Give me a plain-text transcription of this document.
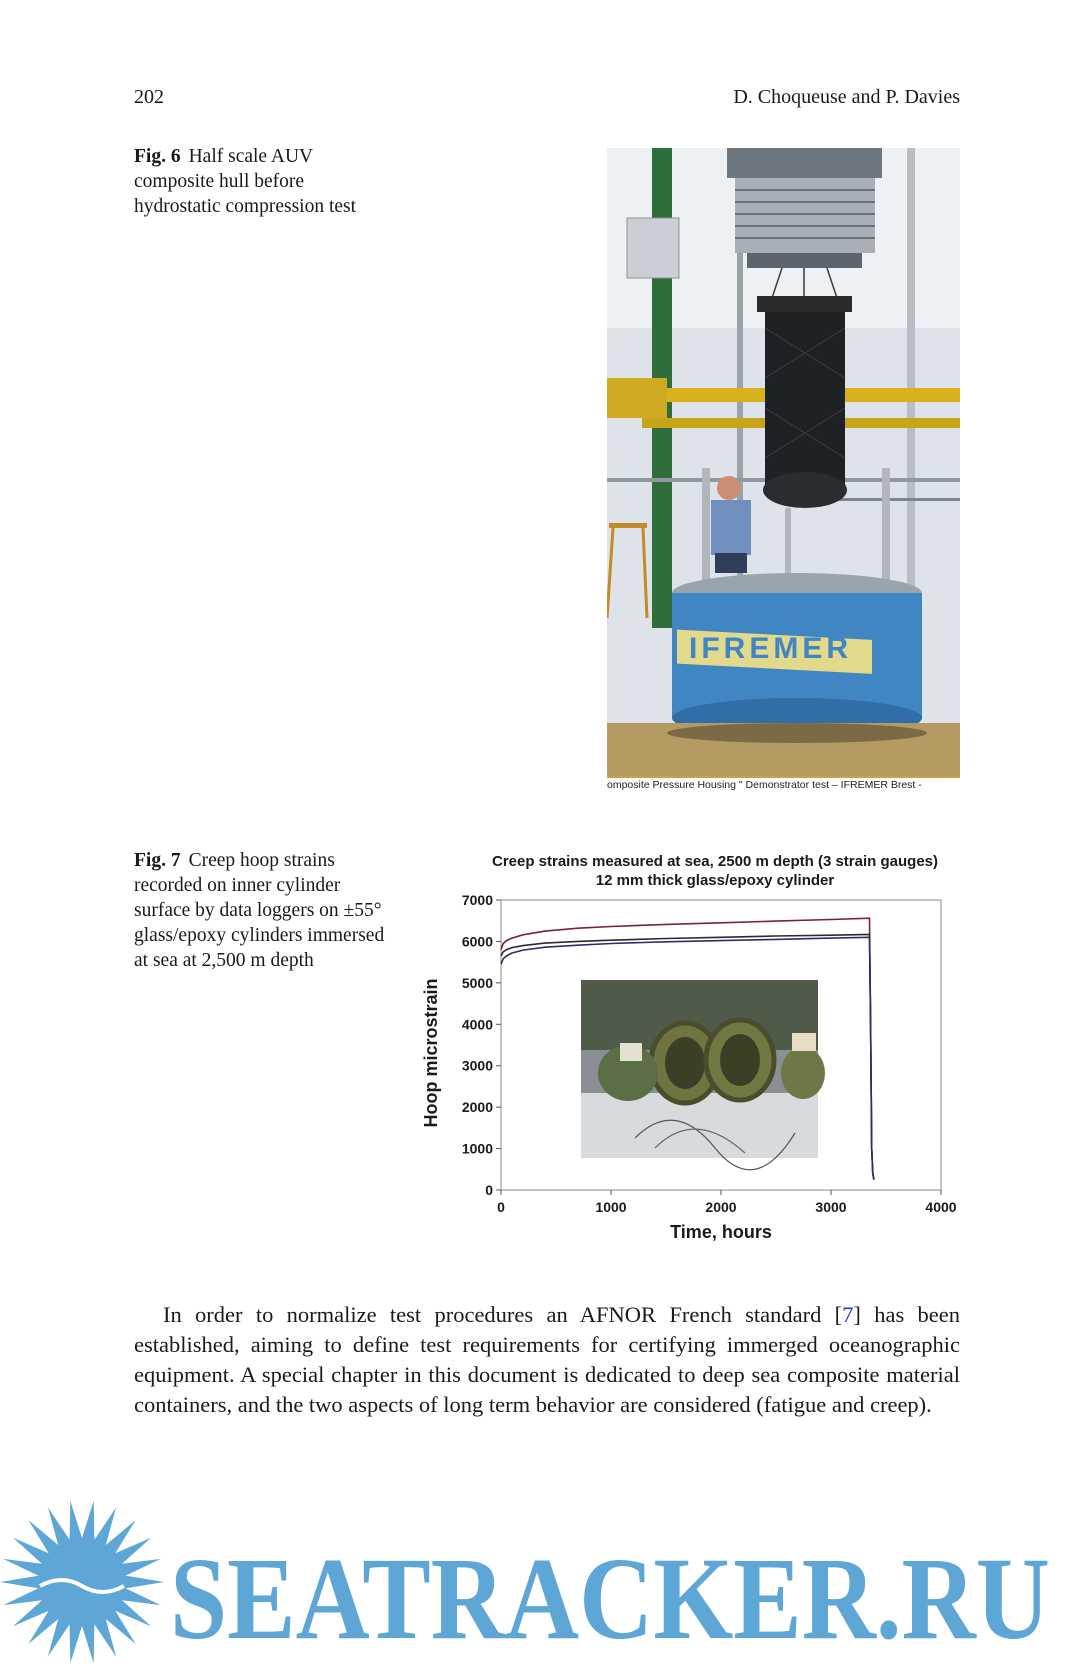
202	D. Choqueuse and P. Davies
Fig. 6 Half scale AUV composite hull before hydrostatic compression test
IFREMER
omposite Pressure Housing " Demonstrator test – IFREMER Brest -
Fig. 7 Creep hoop strains recorded on inner cylinder surface by data loggers on ±55° glass/epoxy cylinders immersed at sea at 2,500 m depth
Creep strains measured at sea, 2500 m depth (3 strain gauges)
12 mm thick glass/epoxy cylinder
0
1000
2000
3000
4000
5000
6000
7000
0	1000	2000	3000	4000
Time, hours
Hoop microstrain

In order to normalize test procedures an AFNOR French standard [7] has been established, aiming to define test requirements for certifying immerged oceanographic equipment. A special chapter in this document is dedicated to deep sea composite material containers, and the two aspects of long term behavior are considered (fatigue and creep).

SEATRACKER.RU
